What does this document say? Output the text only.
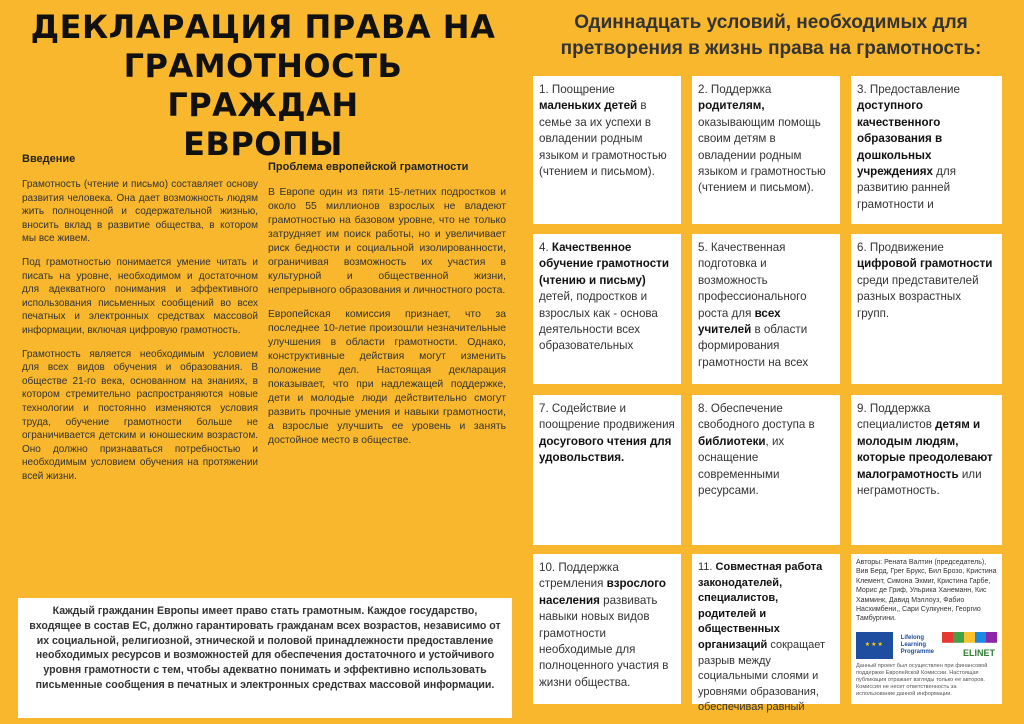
ДЕКЛАРАЦИЯ ПРАВА НА
ГРАМОТНОСТЬ ГРАЖДАН
ЕВРОПЫ
Введение

Грамотность (чтение и письмо) составляет основу развития человека. Она дает возможность людям жить полноценной и содержательной жизнью, вносить вклад в развитие общества, в котором мы все живем.

Под грамотностью понимается умение читать и писать на уровне, необходимом и достаточном для адекватного понимания и эффективного использования письменных сообщений во всех печатных и электронных средствах массовой информации, включая цифровую грамотность.

Грамотность является необходимым условием для всех видов обучения и образования. В обществе 21-го века, основанном на знаниях, в котором стремительно распространяются новые технологии и постоянно изменяются условия труда, обучение грамотности больше не ограничивается детским и юношеским возрастом. Оно должно признаваться потребностью и необходимым условием обучения на протяжении всей жизни.

Проблема европейской грамотности

В Европе один из пяти 15-летних подростков и около 55 миллионов взрослых не владеют грамотностью на базовом уровне, что не только затрудняет им поиск работы, но и увеличивает риск бедности и социальной изолированности, ограничивая возможность их участия в культурной и общественной жизни, непрерывного образования и личностного роста.

Европейская комиссия признает, что за последнее 10-летие произошли незначительные улучшения в области грамотности. Однако, конструктивные действия могут изменить положение дел. Настоящая декларация показывает, что при надлежащей поддержке, дети и молодые люди действительно смогут развить прочные умения и навыки грамотности, а взрослые улучшить ее уровень и занять достойное место в обществе.

Каждый гражданин Европы имеет право стать грамотным. Каждое государство, входящее в состав ЕС, должно гарантировать гражданам всех возрастов, независимо от их социальной, религиозной, этнической и половой принадлежности предоставление необходимых ресурсов и возможностей для обеспечения достаточного и устойчивого уровня грамотности с тем, чтобы адекватно понимать и эффективно использовать письменные сообщения в печатных и электронных средствах массовой информации.

Одиннадцать условий, необходимых для
претворения в жизнь права на грамотность:
1. Поощрение маленьких детей в семье за их успехи в овладении родным языком и грамотностью (чтением и письмом).
2. Поддержка родителям, оказывающим помощь своим детям в овладении родным языком и грамотностью (чтением и письмом).
3. Предоставление доступного качественного образования в дошкольных учреждениях для развитию ранней грамотности и
4. Качественное обучение грамотности (чтению и письму) детей, подростков и взрослых как - основа деятельности всех образовательных
5. Качественная подготовка и возможность профессионального роста для всех учителей в области формирования грамотности на всех
6. Продвижение цифровой грамотности среди представителей разных возрастных групп.
7. Содействие и поощрение продвижения досугового чтения для удовольствия.
8. Обеспечение свободного доступа в библиотеки, их оснащение современными ресурсами.
9. Поддержка специалистов детям и молодым людям, которые преодолевают малограмотность или неграмотность.
10. Поддержка стремления взрослого населения развивать навыки новых видов грамотности необходимые для полноценного участия в жизни общества.
11. Совместная работа законодателей, специалистов, родителей и общественных организаций сокращает разрыв между социальными слоями и уровнями образования, обеспечивая равный

Авторы: Рената Валтин (председатель), Вив Берд, Грег Брукс, Бил Брозо, Кристина Клемент, Симона Эхмиг, Кристина Гарбе, Морис де Гриф, Ульрика Ханеманн, Кис Хамминк, Давид Мэллоуз, Фабио Насхимбени,, Сари Сулкунен, Георгио Тамбургини.

★★★
Lifelong
Learning
Programme	ELINET

Данный проект был осуществлен при финансовой поддержке Европейской Комиссии. Настоящая публикация отражает взгляды только ее авторов. Комиссия не несет ответственность за использование данной информации.
